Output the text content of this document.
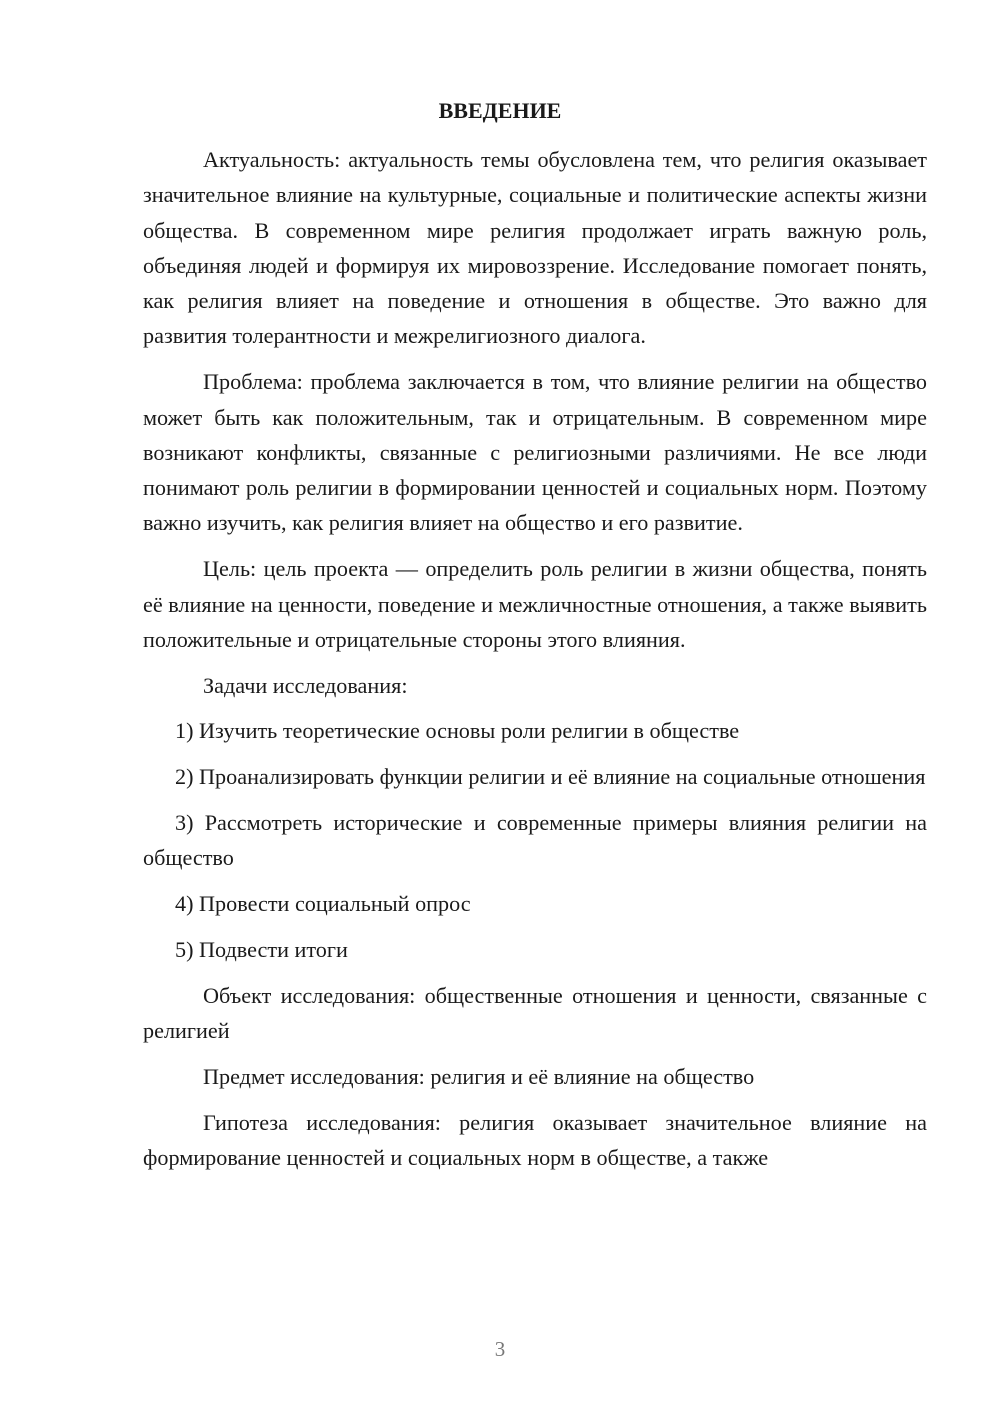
ВВЕДЕНИЕ

Актуальность: актуальность темы обусловлена тем, что религия оказывает значительное влияние на культурные, социальные и политические аспекты жизни общества. В современном мире религия продолжает играть важную роль, объединяя людей и формируя их мировоззрение. Исследование помогает понять, как религия влияет на поведение и отношения в обществе. Это важно для развития толерантности и межрелигиозного диалога.

Проблема: проблема заключается в том, что влияние религии на общество может быть как положительным, так и отрицательным. В современном мире возникают конфликты, связанные с религиозными различиями. Не все люди понимают роль религии в формировании ценностей и социальных норм. Поэтому важно изучить, как религия влияет на общество и его развитие.

Цель: цель проекта — определить роль религии в жизни общества, понять её влияние на ценности, поведение и межличностные отношения, а также выявить положительные и отрицательные стороны этого влияния.

Задачи исследования:

1) Изучить теоретические основы роли религии в обществе

2) Проанализировать функции религии и её влияние на социальные отношения

3) Рассмотреть исторические и современные примеры влияния религии на общество

4) Провести социальный опрос

5) Подвести итоги

Объект исследования: общественные отношения и ценности, связанные с религией

Предмет исследования: религия и её влияние на общество

Гипотеза исследования: религия оказывает значительное влияние на формирование ценностей и социальных норм в обществе, а также

3
